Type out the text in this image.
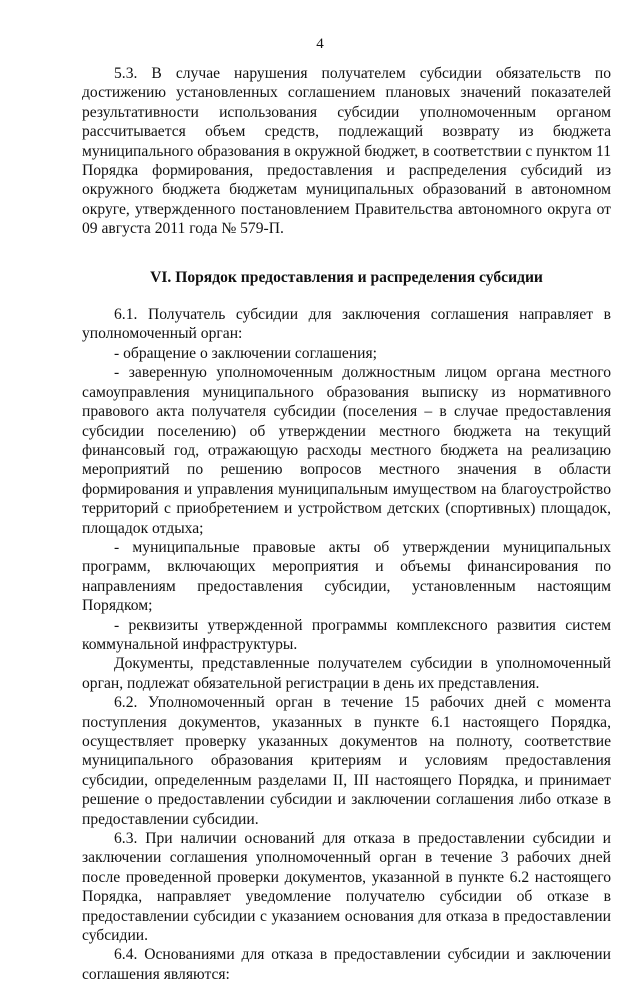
4

5.3. В случае нарушения получателем субсидии обязательств по достижению установленных соглашением плановых значений показателей результативности использования субсидии уполномоченным органом рассчитывается объем средств, подлежащий возврату из бюджета муниципального образования в окружной бюджет, в соответствии с пунктом 11 Порядка формирования, предоставления и распределения субсидий из окружного бюджета бюджетам муниципальных образований в автономном округе, утвержденного постановлением Правительства автономного округа от 09 августа 2011 года № 579-П.

VI. Порядок предоставления и распределения субсидии

6.1. Получатель субсидии для заключения соглашения направляет в уполномоченный орган:

- обращение о заключении соглашения;

- заверенную уполномоченным должностным лицом органа местного самоуправления муниципального образования выписку из нормативного правового акта получателя субсидии (поселения – в случае предоставления субсидии поселению) об утверждении местного бюджета на текущий финансовый год, отражающую расходы местного бюджета на реализацию мероприятий по решению вопросов местного значения в области формирования и управления муниципальным имуществом на благоустройство территорий с приобретением и устройством детских (спортивных) площадок, площадок отдыха;

- муниципальные правовые акты об утверждении муниципальных программ, включающих мероприятия и объемы финансирования по направлениям предоставления субсидии, установленным настоящим Порядком;

- реквизиты утвержденной программы комплексного развития систем коммунальной инфраструктуры.

Документы, представленные получателем субсидии в уполномоченный орган, подлежат обязательной регистрации в день их представления.

6.2. Уполномоченный орган в течение 15 рабочих дней с момента поступления документов, указанных в пункте 6.1 настоящего Порядка, осуществляет проверку указанных документов на полноту, соответствие муниципального образования критериям и условиям предоставления субсидии, определенным разделами II, III настоящего Порядка, и принимает решение о предоставлении субсидии и заключении соглашения либо отказе в предоставлении субсидии.

6.3. При наличии оснований для отказа в предоставлении субсидии и заключении соглашения уполномоченный орган в течение 3 рабочих дней после проведенной проверки документов, указанной в пункте 6.2 настоящего Порядка, направляет уведомление получателю субсидии об отказе в предоставлении субсидии с указанием основания для отказа в предоставлении субсидии.

6.4. Основаниями для отказа в предоставлении субсидии и заключении соглашения являются:
